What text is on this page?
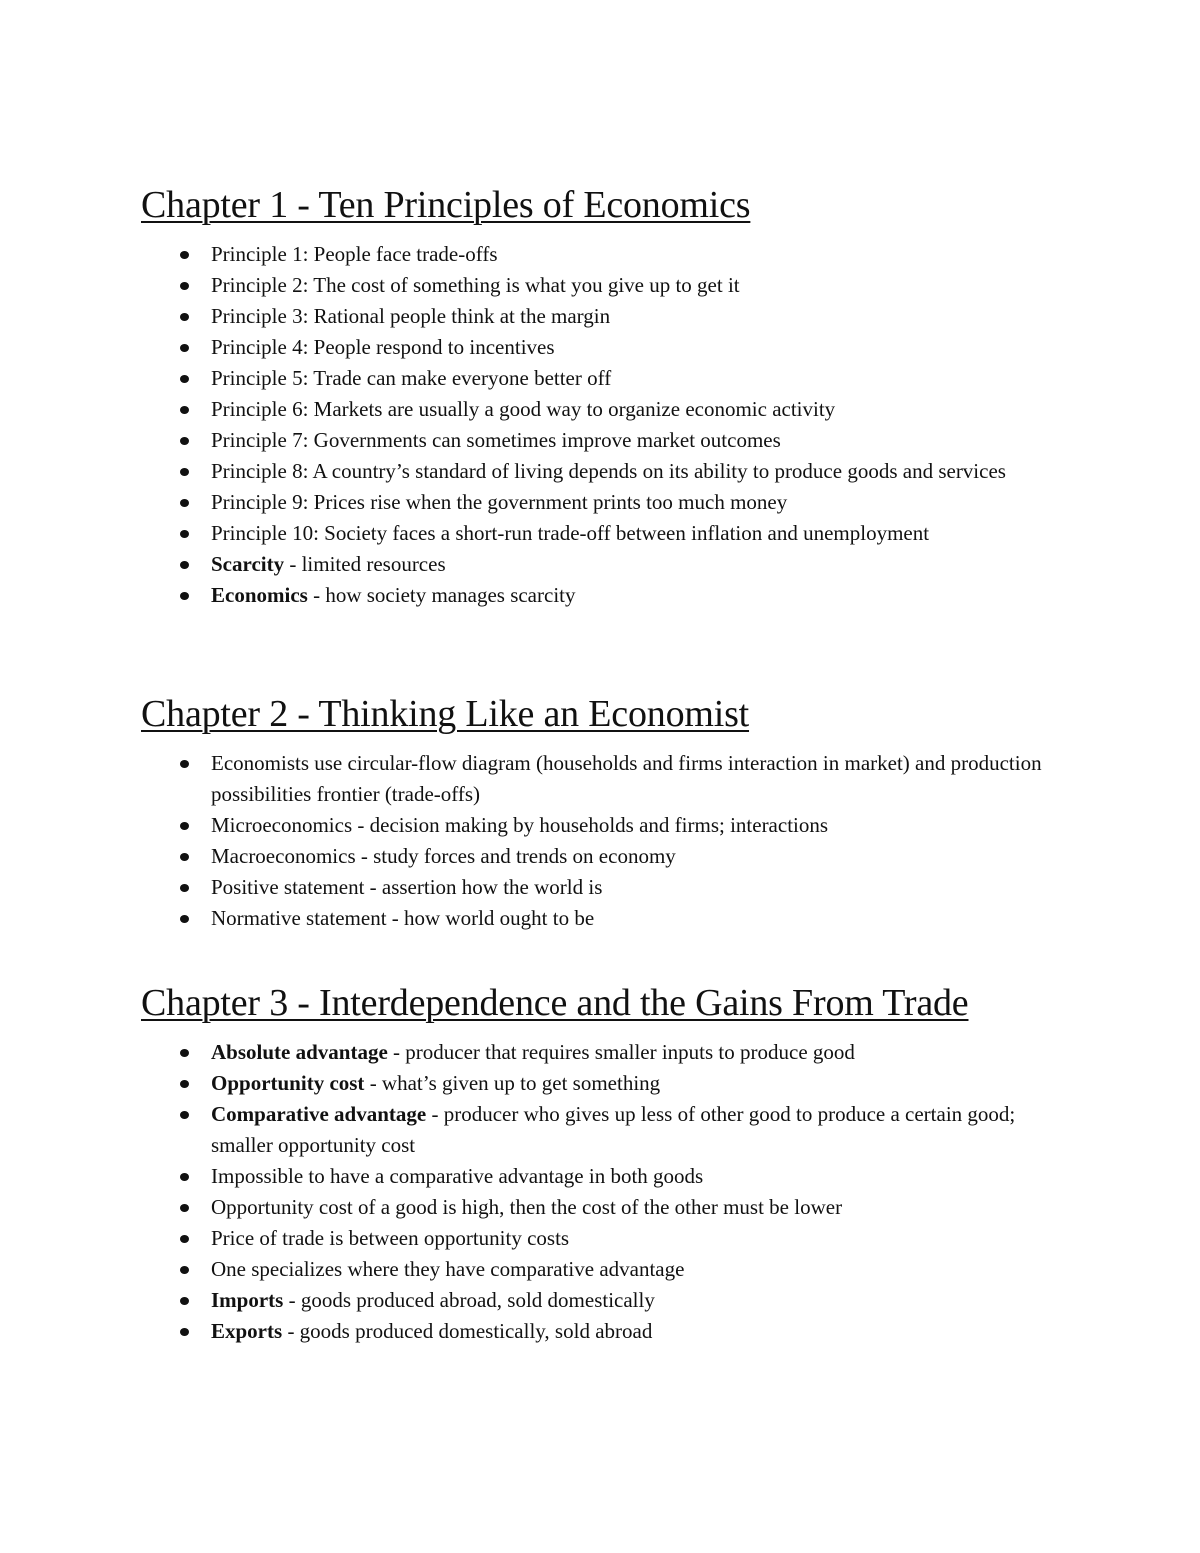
Chapter 1 - Ten Principles of Economics
Principle 1: People face trade-offs
Principle 2: The cost of something is what you give up to get it
Principle 3: Rational people think at the margin
Principle 4: People respond to incentives
Principle 5: Trade can make everyone better off
Principle 6: Markets are usually a good way to organize economic activity
Principle 7: Governments can sometimes improve market outcomes
Principle 8: A country’s standard of living depends on its ability to produce goods and services
Principle 9: Prices rise when the government prints too much money
Principle 10: Society faces a short-run trade-off between inflation and unemployment
Scarcity - limited resources
Economics - how society manages scarcity
Chapter 2 - Thinking Like an Economist
Economists use circular-flow diagram (households and firms interaction in market) and production possibilities frontier (trade-offs)
Microeconomics - decision making by households and firms; interactions
Macroeconomics - study forces and trends on economy
Positive statement - assertion how the world is
Normative statement - how world ought to be
Chapter 3 - Interdependence and the Gains From Trade
Absolute advantage - producer that requires smaller inputs to produce good
Opportunity cost - what’s given up to get something
Comparative advantage - producer who gives up less of other good to produce a certain good; smaller opportunity cost
Impossible to have a comparative advantage in both goods
Opportunity cost of a good is high, then the cost of the other must be lower
Price of trade is between opportunity costs
One specializes where they have comparative advantage
Imports - goods produced abroad, sold domestically
Exports - goods produced domestically, sold abroad
